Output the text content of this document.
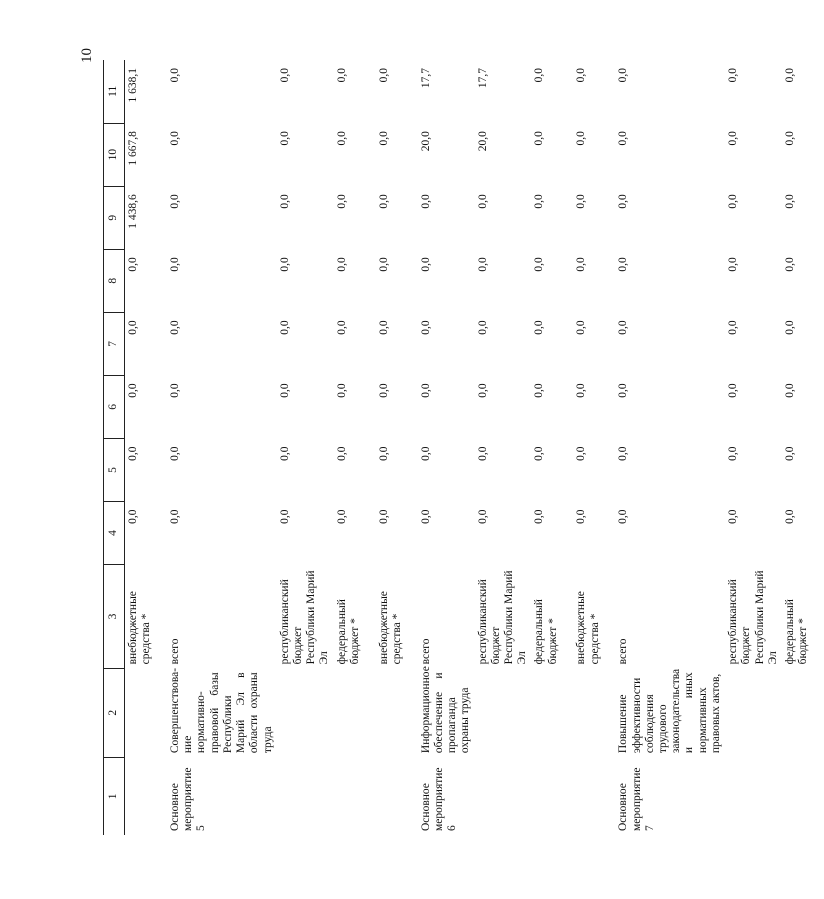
10
1	2	3	4	5	6	7	8	9	10	11
		внебюджетные средства *	0,0	0,0	0,0	0,0	0,0	1 438,6	1 667,8	1 638,1
Основное мероприятие 5	Совершенствование нормативно-правовой базы Республики Марий Эл в области охраны труда	всего	0,0	0,0	0,0	0,0	0,0	0,0	0,0	0,0
		республиканский бюджет Республики Марий Эл	0,0	0,0	0,0	0,0	0,0	0,0	0,0	0,0
		федеральный бюджет *	0,0	0,0	0,0	0,0	0,0	0,0	0,0	0,0
		внебюджетные средства *	0,0	0,0	0,0	0,0	0,0	0,0	0,0	0,0
Основное мероприятие 6	Информационное обеспечение и пропаганда охраны труда	всего	0,0	0,0	0,0	0,0	0,0	0,0	20,0	17,7
		республиканский бюджет Республики Марий Эл	0,0	0,0	0,0	0,0	0,0	0,0	20,0	17,7
		федеральный бюджет *	0,0	0,0	0,0	0,0	0,0	0,0	0,0	0,0
		внебюджетные средства *	0,0	0,0	0,0	0,0	0,0	0,0	0,0	0,0
Основное мероприятие 7	Повышение эффективности соблюдения трудового законодательства и иных нормативных правовых актов,	всего	0,0	0,0	0,0	0,0	0,0	0,0	0,0	0,0
		республиканский бюджет Республики Марий Эл	0,0	0,0	0,0	0,0	0,0	0,0	0,0	0,0
		федеральный бюджет *	0,0	0,0	0,0	0,0	0,0	0,0	0,0	0,0
